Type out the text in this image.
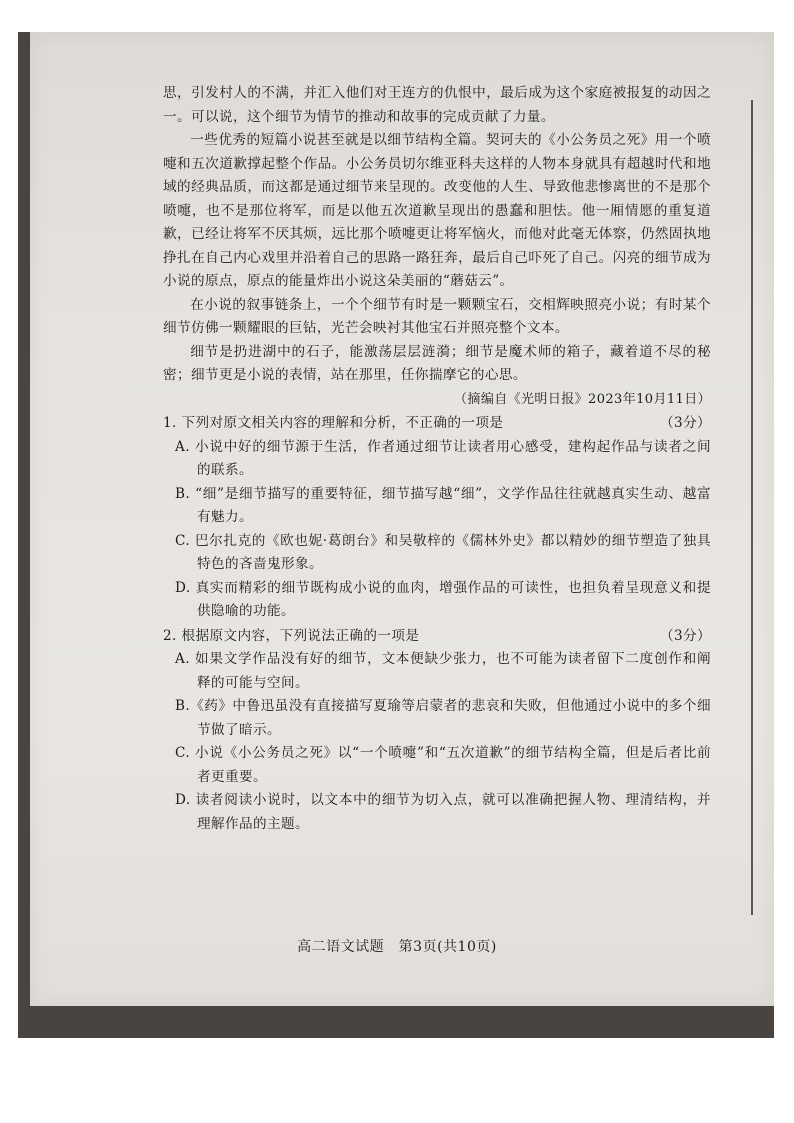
思，引发村人的不满，并汇入他们对王连方的仇恨中，最后成为这个家庭被报复的动因之一。可以说，这个细节为情节的推动和故事的完成贡献了力量。

一些优秀的短篇小说甚至就是以细节结构全篇。契诃夫的《小公务员之死》用一个喷嚏和五次道歉撑起整个作品。小公务员切尔维亚科夫这样的人物本身就具有超越时代和地域的经典品质，而这都是通过细节来呈现的。改变他的人生、导致他悲惨离世的不是那个喷嚏，也不是那位将军，而是以他五次道歉呈现出的愚蠢和胆怯。他一厢情愿的重复道歉，已经让将军不厌其烦，远比那个喷嚏更让将军恼火，而他对此毫无体察，仍然固执地挣扎在自己内心戏里并沿着自己的思路一路狂奔，最后自己吓死了自己。闪亮的细节成为小说的原点，原点的能量炸出小说这朵美丽的“蘑菇云”。

在小说的叙事链条上，一个个细节有时是一颗颗宝石，交相辉映照亮小说；有时某个细节仿佛一颗耀眼的巨钻，光芒会映衬其他宝石并照亮整个文本。

细节是扔进湖中的石子，能激荡层层涟漪；细节是魔术师的箱子，藏着道不尽的秘密；细节更是小说的表情，站在那里，任你揣摩它的心思。

（摘编自《光明日报》2023年10月11日）

1. 下列对原文相关内容的理解和分析，不正确的一项是	（3分）

A. 小说中好的细节源于生活，作者通过细节让读者用心感受，建构起作品与读者之间的联系。

B. “细”是细节描写的重要特征，细节描写越“细”，文学作品往往就越真实生动、越富有魅力。

C. 巴尔扎克的《欧也妮·葛朗台》和吴敬梓的《儒林外史》都以精妙的细节塑造了独具特色的吝啬鬼形象。

D. 真实而精彩的细节既构成小说的血肉，增强作品的可读性，也担负着呈现意义和提供隐喻的功能。

2. 根据原文内容，下列说法正确的一项是	（3分）

A. 如果文学作品没有好的细节，文本便缺少张力，也不可能为读者留下二度创作和阐释的可能与空间。

B.《药》中鲁迅虽没有直接描写夏瑜等启蒙者的悲哀和失败，但他通过小说中的多个细节做了暗示。

C. 小说《小公务员之死》以“一个喷嚏”和“五次道歉”的细节结构全篇，但是后者比前者更重要。

D. 读者阅读小说时，以文本中的细节为切入点，就可以准确把握人物、理清结构，并理解作品的主题。

高二语文试题　第3页(共10页)
